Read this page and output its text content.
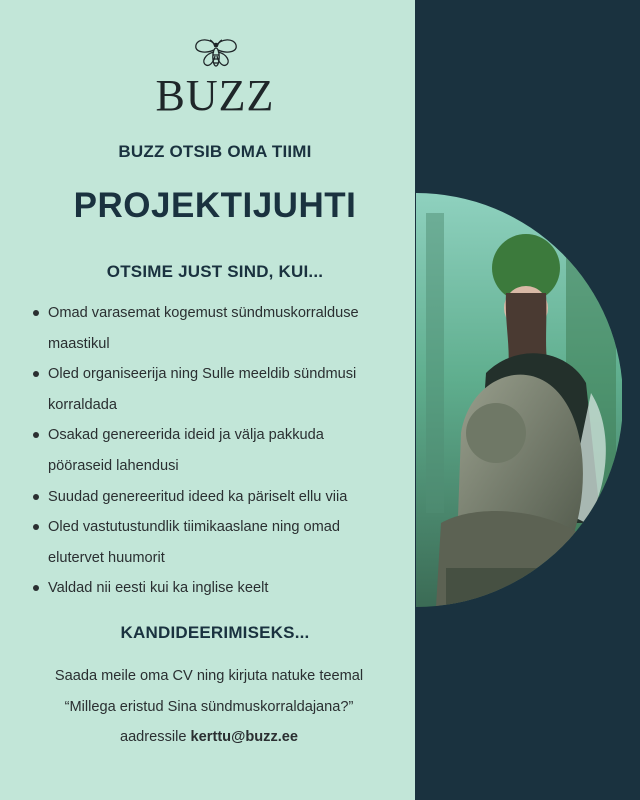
BUZZ
BUZZ OTSIB OMA TIIMI
PROJEKTIJUHTI
OTSIME JUST SIND, KUI...
Omad varasemat kogemust sündmuskorralduse
maastikul
Oled organiseerija ning Sulle meeldib sündmusi
korraldada
Osakad genereerida ideid ja välja pakkuda
pööraseid lahendusi
Suudad genereeritud ideed ka päriselt ellu viia
Oled vastutustundlik tiimikaaslane ning omad
elutervet huumorit
Valdad nii eesti kui ka inglise keelt
KANDIDEERIMISEKS...
Saada meile oma CV ning kirjuta natuke teemal
“Millega eristud Sina sündmuskorraldajana?”
aadressile kerttu@buzz.ee
